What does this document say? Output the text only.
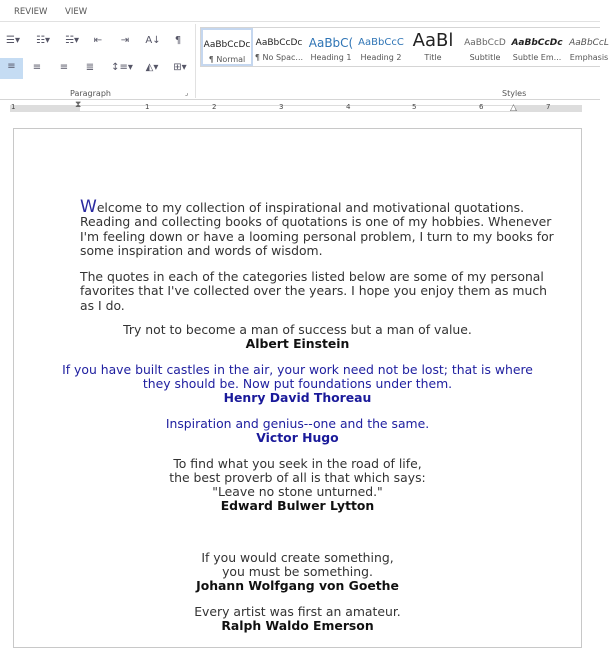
REVIEW VIEW
☰▾	☷▾	☵▾	⇤	⇥	A↓	¶
≡	≡	≡	≣	↕≡▾	◭▾	⊞▾
Paragraph	⌟	Styles
AaBbCcDc
¶ Normal
AaBbCcDc
¶ No Spac...
AaBbC(
Heading 1
AaBbCcC
Heading 2
AaBl
Title
AaBbCcD
Subtitle
AaBbCcDc
Subtle Em...
AaBbCcL
Emphasis
1	1	2	3	4	5	6	7
⧗	△
Welcome to my collection of inspirational and motivational quotations.
Reading and collecting books of quotations is one of my hobbies. Whenever
I'm feeling down or have a looming personal problem, I turn to my books for
some inspiration and words of wisdom.
The quotes in each of the categories listed below are some of my personal
favorites that I've collected over the years. I hope you enjoy them as much
as I do.
Try not to become a man of success but a man of value.
Albert Einstein
If you have built castles in the air, your work need not be lost; that is where
they should be. Now put foundations under them.
Henry David Thoreau
Inspiration and genius--one and the same.
Victor Hugo
To find what you seek in the road of life,
the best proverb of all is that which says:
"Leave no stone unturned."
Edward Bulwer Lytton
If you would create something,
you must be something.
Johann Wolfgang von Goethe
Every artist was first an amateur.
Ralph Waldo Emerson
